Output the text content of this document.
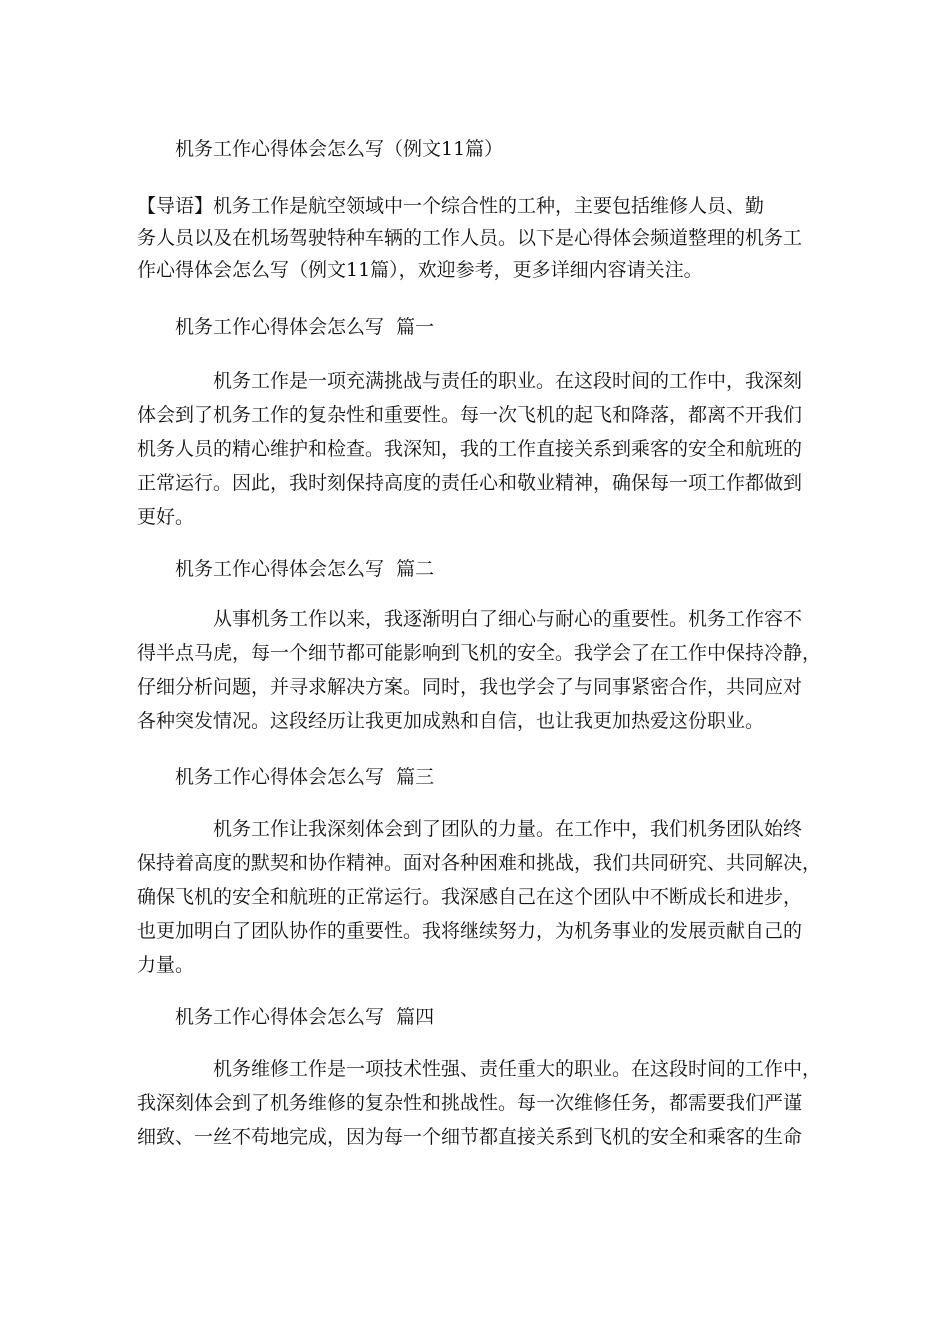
机务工作心得体会怎么写（例文11篇）

【导语】机务工作是航空领域中一个综合性的工种，主要包括维修人员、勤
务人员以及在机场驾驶特种车辆的工作人员。以下是心得体会频道整理的机务工
作心得体会怎么写（例文11篇），欢迎参考，更多详细内容请关注。

机务工作心得体会怎么写  篇一

机务工作是一项充满挑战与责任的职业。在这段时间的工作中，我深刻
体会到了机务工作的复杂性和重要性。每一次飞机的起飞和降落，都离不开我们
机务人员的精心维护和检查。我深知，我的工作直接关系到乘客的安全和航班的
正常运行。因此，我时刻保持高度的责任心和敬业精神，确保每一项工作都做到
更好。

机务工作心得体会怎么写  篇二

从事机务工作以来，我逐渐明白了细心与耐心的重要性。机务工作容不
得半点马虎，每一个细节都可能影响到飞机的安全。我学会了在工作中保持冷静，
仔细分析问题，并寻求解决方案。同时，我也学会了与同事紧密合作，共同应对
各种突发情况。这段经历让我更加成熟和自信，也让我更加热爱这份职业。

机务工作心得体会怎么写  篇三

机务工作让我深刻体会到了团队的力量。在工作中，我们机务团队始终
保持着高度的默契和协作精神。面对各种困难和挑战，我们共同研究、共同解决，
确保飞机的安全和航班的正常运行。我深感自己在这个团队中不断成长和进步，
也更加明白了团队协作的重要性。我将继续努力，为机务事业的发展贡献自己的
力量。

机务工作心得体会怎么写  篇四

机务维修工作是一项技术性强、责任重大的职业。在这段时间的工作中，
我深刻体会到了机务维修的复杂性和挑战性。每一次维修任务，都需要我们严谨
细致、一丝不苟地完成，因为每一个细节都直接关系到飞机的安全和乘客的生命
